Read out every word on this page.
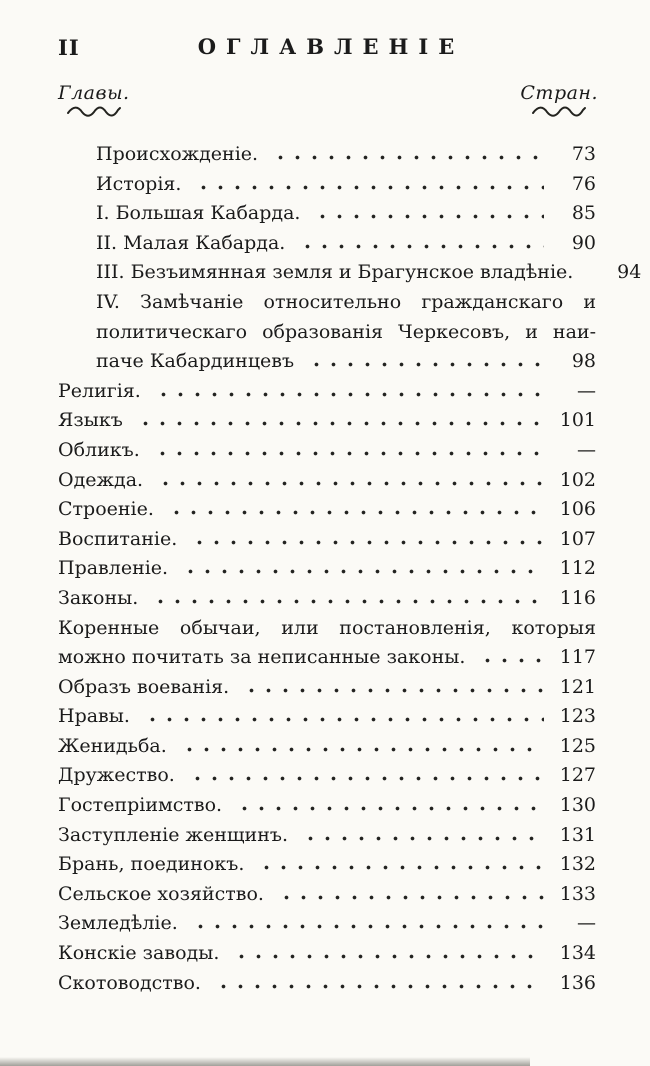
II	ОГЛАВЛЕНІЕ
Главы.	Стран.
Происхожденіе.	73
Исторія.	76
I. Большая Кабарда.	85
II. Малая Кабарда.	90
III. Безъимянная земля и Брагунское владѣніе.	94
IV. Замѣчаніе относительно гражданскаго и
политическаго образованія Черкесовъ, и наи-
паче Кабардинцевъ	98
Религія.	—
Языкъ	101
Обликъ.	—
Одежда.	102
Строеніе.	106
Воспитаніе.	107
Правленіе.	112
Законы.	116
Коренные обычаи, или постановленія, которыя
можно почитать за неписанные законы.	117
Образъ воеванія.	121
Нравы.	123
Женидьба.	125
Дружество.	127
Гостепріимство.	130
Заступленіе женщинъ.	131
Брань, поединокъ.	132
Сельское хозяйство.	133
Земледѣліе.	—
Конскіе заводы.	134
Скотоводство.	136
